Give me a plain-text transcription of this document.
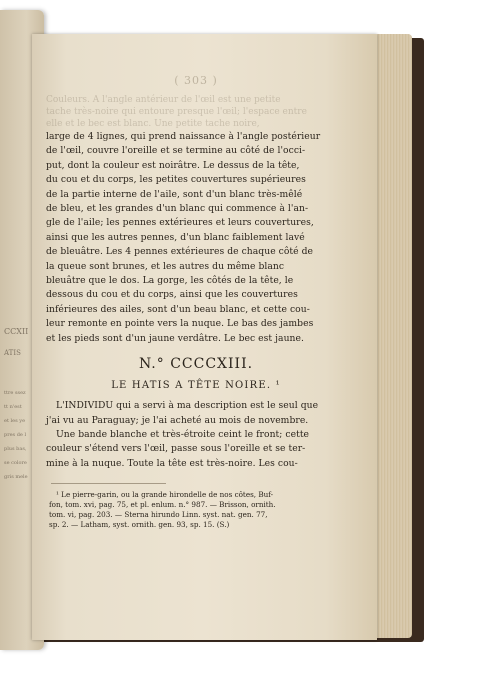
CCXII
ATIS
ttre ssez
tt n'est
et les ye
pres de l
plus bas,
se colore
gris mele
( 303 )
Couleurs. A l'angle antérieur de l'œil est une petite
tache très-noire qui entoure presque l'œil; l'espace entre
elle et le bec est blanc. Une petite tache noire,
large de 4 lignes, qui prend naissance à l'angle postérieur
de l'œil, couvre l'oreille et se termine au côté de l'occi-
put, dont la couleur est noirâtre. Le dessus de la tête,
du cou et du corps, les petites couvertures supérieures
de la partie interne de l'aile, sont d'un blanc très-mêlé
de bleu, et les grandes d'un blanc qui commence à l'an-
gle de l'aile; les pennes extérieures et leurs couvertures,
ainsi que les autres pennes, d'un blanc faiblement lavé
de bleuâtre. Les 4 pennes extérieures de chaque côté de
la queue sont brunes, et les autres du même blanc
bleuâtre que le dos. La gorge, les côtés de la tête, le
dessous du cou et du corps, ainsi que les couvertures
inférieures des ailes, sont d'un beau blanc, et cette cou-
leur remonte en pointe vers la nuque. Le bas des jambes
et les pieds sont d'un jaune verdâtre. Le bec est jaune.
N.° CCCCXIII.
LE HATIS A TÊTE NOIRE. ¹
L'INDIVIDU qui a servi à ma description est le seul que
j'ai vu au Paraguay; je l'ai acheté au mois de novembre.
Une bande blanche et très-étroite ceint le front; cette
couleur s'étend vers l'œil, passe sous l'oreille et se ter-
mine à la nuque. Toute la tête est très-noire. Les cou-
¹ Le pierre-garin, ou la grande hirondelle de nos côtes, Buf-
fon, tom. xvi, pag. 75, et pl. enlum. n.° 987. — Brisson, ornith.
tom. vi, pag. 203. — Sterna hirundo Linn. syst. nat. gen. 77,
sp. 2. — Latham, syst. ornith. gen. 93, sp. 15. (S.)
